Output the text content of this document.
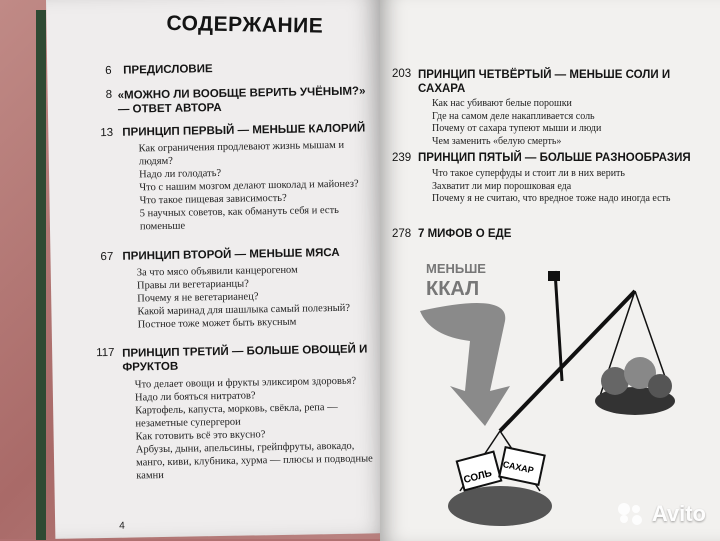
СОДЕРЖАНИЕ
6 ПРЕДИСЛОВИЕ
8 «МОЖНО ЛИ ВООБЩЕ ВЕРИТЬ УЧЁНЫМ?» — ОТВЕТ АВТОРА
13 ПРИНЦИП ПЕРВЫЙ — МЕНЬШЕ КАЛОРИЙ
Как ограничения продлевают жизнь мышам и людям?
Надо ли голодать?
Что с нашим мозгом делают шоколад и майонез?
Что такое пищевая зависимость?
5 научных советов, как обмануть себя и есть поменьше
67 ПРИНЦИП ВТОРОЙ — МЕНЬШЕ МЯСА
За что мясо объявили канцерогеном
Правы ли вегетарианцы?
Почему я не вегетарианец?
Какой маринад для шашлыка самый полезный?
Постное тоже может быть вкусным
117 ПРИНЦИП ТРЕТИЙ — БОЛЬШЕ ОВОЩЕЙ И ФРУКТОВ
Что делает овощи и фрукты эликсиром здоровья?
Надо ли бояться нитратов?
Картофель, капуста, морковь, свёкла, репа — незаметные супергерои
Как готовить всё это вкусно?
Арбузы, дыни, апельсины, грейпфруты, авокадо, манго, киви, клубника, хурма — плюсы и подводные камни
4
203 ПРИНЦИП ЧЕТВЁРТЫЙ — МЕНЬШЕ СОЛИ И САХАРА
Как нас убивают белые порошки
Где на самом деле накапливается соль
Почему от сахара тупеют мыши и люди
Чем заменить «белую смерть»
239 ПРИНЦИП ПЯТЫЙ — БОЛЬШЕ РАЗНООБРАЗИЯ
Что такое суперфуды и стоит ли в них верить
Захватит ли мир порошковая еда
Почему я не считаю, что вредное тоже надо иногда есть
278 7 МИФОВ О ЕДЕ
МЕНЬШЕ
ККАЛ
СОЛЬ
САХАР
Avito
